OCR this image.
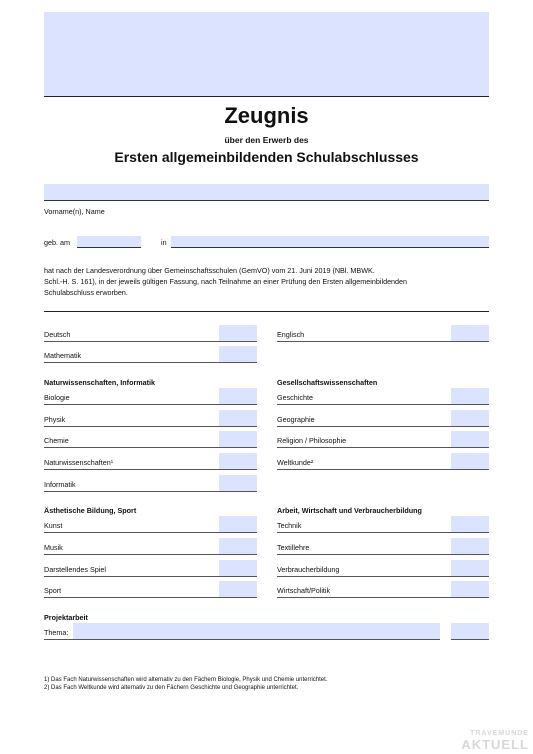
Zeugnis
über den Erwerb des
Ersten allgemeinbildenden Schulabschlusses
Vorname(n), Name
geb. am	in
hat nach der Landesverordnung über Gemeinschaftsschulen (GemVO) vom 21. Juni 2019 (NBl. MBWK.
Schl.-H. S. 161), in der jeweils gültigen Fassung, nach Teilnahme an einer Prüfung den Ersten allgemeinbildenden
Schulabschluss erworben.
Deutsch	Englisch
Mathematik
Naturwissenschaften, Informatik
Biologie
Physik
Chemie
Naturwissenschaften¹
Informatik
Gesellschaftswissenschaften
Geschichte
Geographie
Religion / Philosophie
Weltkunde²
Ästhetische Bildung, Sport
Kunst
Musik
Darstellendes Spiel
Sport
Arbeit, Wirtschaft und Verbraucherbildung
Technik
Textillehre
Verbraucherbildung
Wirtschaft/Politik
Projektarbeit
Thema:
1) Das Fach Naturwissenschaften wird alternativ zu den Fächern Biologie, Physik und Chemie unterrichtet.
2) Das Fach Weltkunde wird alternativ zu den Fächern Geschichte und Geographie unterrichtet.
TRAVEMÜNDE
AKTUELL
